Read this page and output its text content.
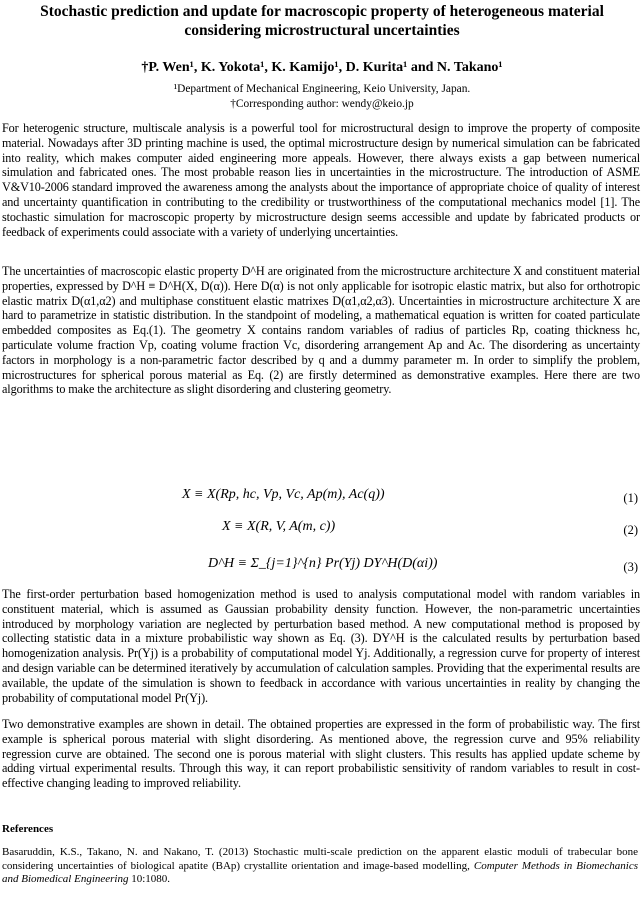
Stochastic prediction and update for macroscopic property of heterogeneous material considering microstructural uncertainties
†P. Wen¹, K. Yokota¹, K. Kamijo¹, D. Kurita¹ and N. Takano¹
¹Department of Mechanical Engineering, Keio University, Japan.
†Corresponding author: wendy@keio.jp
For heterogenic structure, multiscale analysis is a powerful tool for microstructural design to improve the property of composite material. Nowadays after 3D printing machine is used, the optimal microstructure design by numerical simulation can be fabricated into reality, which makes computer aided engineering more appeals. However, there always exists a gap between numerical simulation and fabricated ones. The most probable reason lies in uncertainties in the microstructure. The introduction of ASME V&V10-2006 standard improved the awareness among the analysts about the importance of appropriate choice of quality of interest and uncertainty quantification in contributing to the credibility or trustworthiness of the computational mechanics model [1]. The stochastic simulation for macroscopic property by microstructure design seems accessible and update by fabricated products or feedback of experiments could associate with a variety of underlying uncertainties.
The uncertainties of macroscopic elastic property D^H are originated from the microstructure architecture X and constituent material properties, expressed by D^H ≡ D^H(X, D(α)). Here D(α) is not only applicable for isotropic elastic matrix, but also for orthotropic elastic matrix D(α1,α2) and multiphase constituent elastic matrixes D(α1,α2,α3). Uncertainties in microstructure architecture X are hard to parametrize in statistic distribution. In the standpoint of modeling, a mathematical equation is written for coated particulate embedded composites as Eq.(1). The geometry X contains random variables of radius of particles Rp, coating thickness hc, particulate volume fraction Vp, coating volume fraction Vc, disordering arrangement Ap and Ac. The disordering as uncertainty factors in morphology is a non-parametric factor described by q and a dummy parameter m. In order to simplify the problem, microstructures for spherical porous material as Eq. (2) are firstly determined as demonstrative examples. Here there are two algorithms to make the architecture as slight disordering and clustering geometry.
X ≡ X(Rp, hc, Vp, Vc, Ap(m), Ac(q))	(1)
X ≡ X(R, V, A(m, c))	(2)
D^H ≡ Σ_{j=1}^{n} Pr(Yj) DY^H(D(αi))	(3)
The first-order perturbation based homogenization method is used to analysis computational model with random variables in constituent material, which is assumed as Gaussian probability density function. However, the non-parametric uncertainties introduced by morphology variation are neglected by perturbation based method. A new computational method is proposed by collecting statistic data in a mixture probabilistic way shown as Eq. (3). DY^H is the calculated results by perturbation based homogenization analysis. Pr(Yj) is a probability of computational model Yj. Additionally, a regression curve for property of interest and design variable can be determined iteratively by accumulation of calculation samples. Providing that the experimental results are available, the update of the simulation is shown to feedback in accordance with various uncertainties in reality by changing the probability of computational model Pr(Yj).
Two demonstrative examples are shown in detail. The obtained properties are expressed in the form of probabilistic way. The first example is spherical porous material with slight disordering. As mentioned above, the regression curve and 95% reliability regression curve are obtained. The second one is porous material with slight clusters. This results has applied update scheme by adding virtual experimental results. Through this way, it can report probabilistic sensitivity of random variables to result in cost-effective changing leading to improved reliability.
References
Basaruddin, K.S., Takano, N. and Nakano, T. (2013) Stochastic multi-scale prediction on the apparent elastic moduli of trabecular bone considering uncertainties of biological apatite (BAp) crystallite orientation and image-based modelling, Computer Methods in Biomechanics and Biomedical Engineering 10:1080.
